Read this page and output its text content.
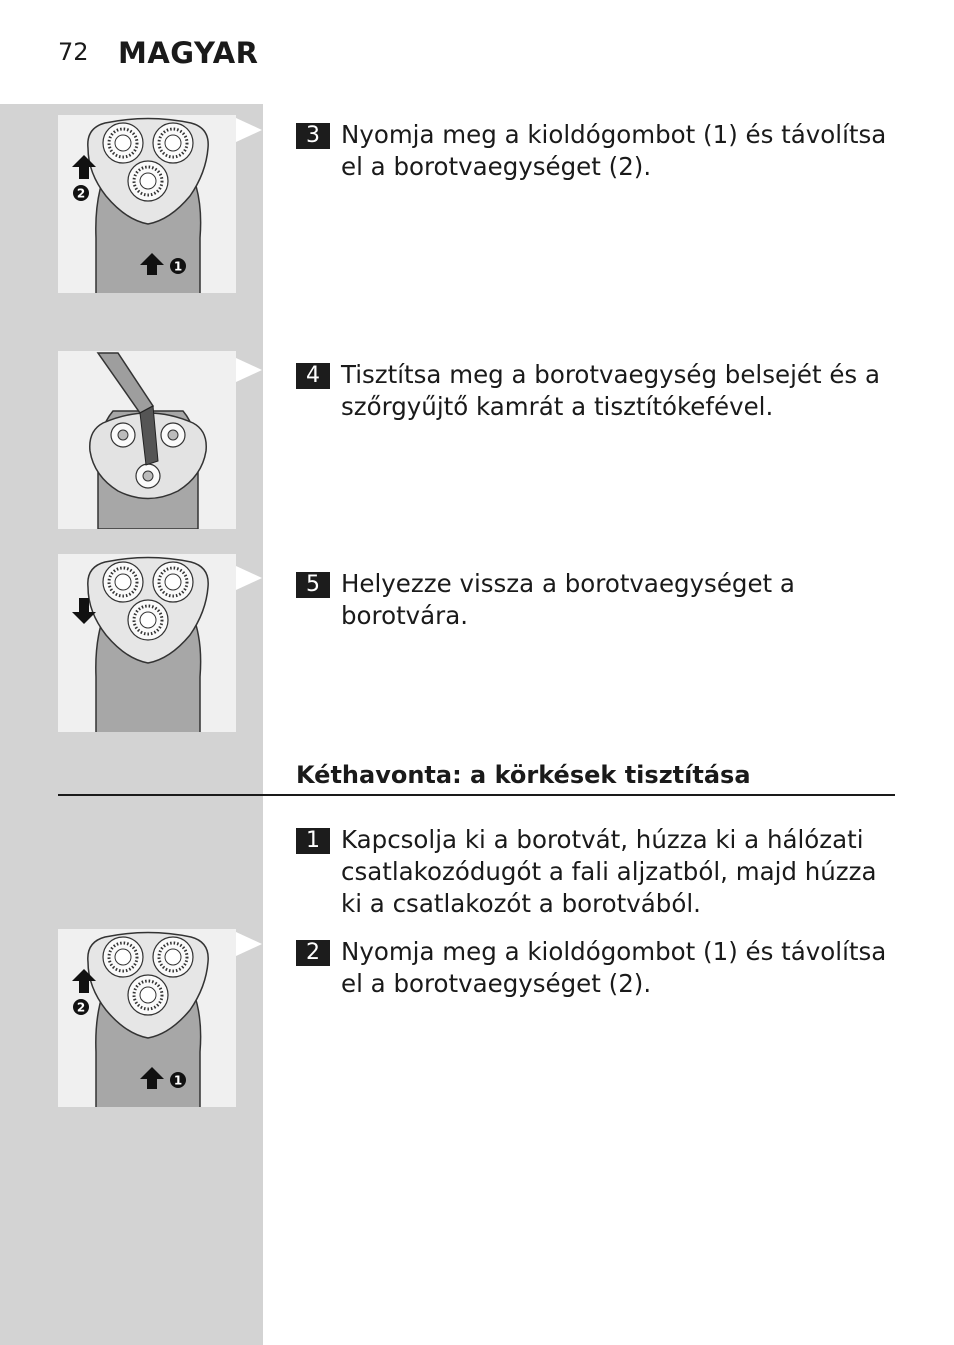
72 MAGYAR
2
1
3 Nyomja meg a kioldógombot (1) és távolítsa el a borotvaegységet (2).
4 Tisztítsa meg a borotvaegység belsejét és a szőrgyűjtő kamrát a tisztítókefével.
5 Helyezze vissza a borotvaegységet a borotvára.
Kéthavonta: a körkések tisztítása
2
1
1 Kapcsolja ki a borotvát, húzza ki a hálózati csatlakozódugót a fali aljzatból, majd húzza ki a csatlakozót a borotvából.
2 Nyomja meg a kioldógombot (1) és távolítsa el a borotvaegységet (2).
